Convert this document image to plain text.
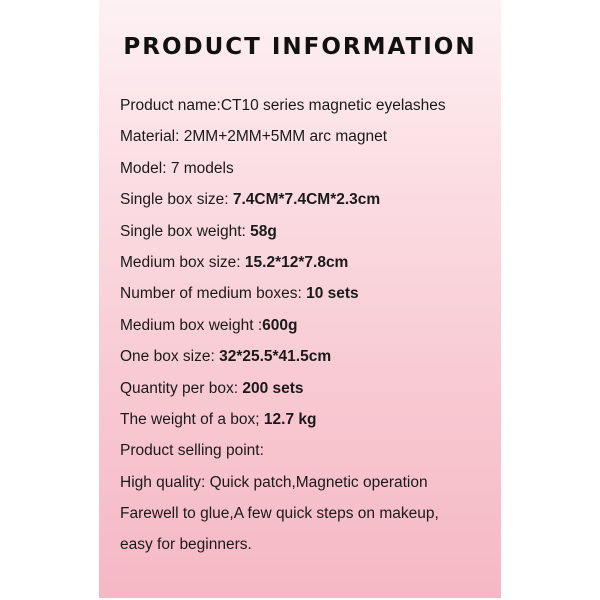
PRODUCT INFORMATION
Product name:CT10 series magnetic eyelashes
Material: 2MM+2MM+5MM arc magnet
Model: 7 models
Single box size: 7.4CM*7.4CM*2.3cm
Single box weight: 58g
Medium box size: 15.2*12*7.8cm
Number of medium boxes: 10 sets
Medium box weight :600g
One box size: 32*25.5*41.5cm
Quantity per box: 200 sets
The weight of a box; 12.7 kg
Product selling point:
High quality: Quick patch,Magnetic operation
Farewell to glue,A few quick steps on makeup,
easy for beginners.
